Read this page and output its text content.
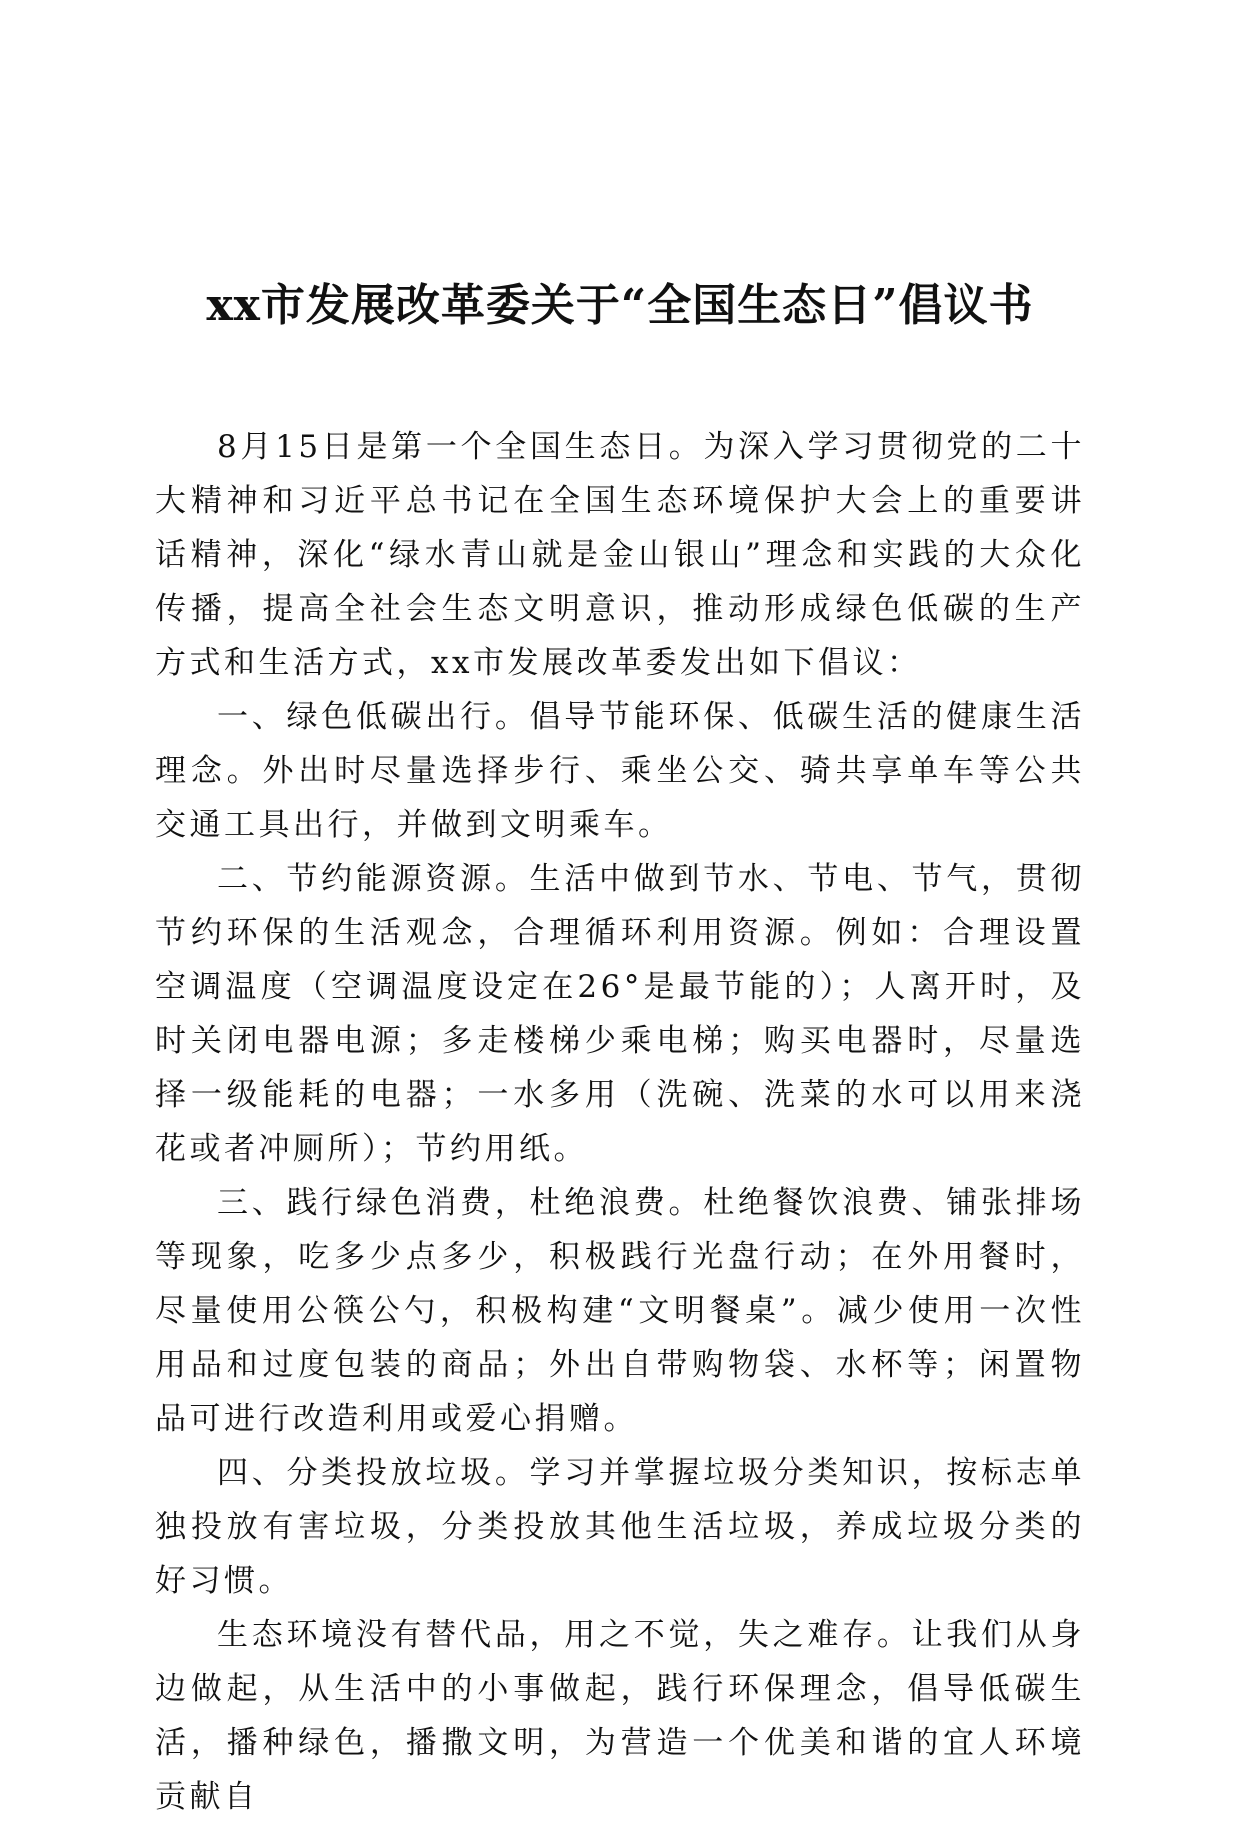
xx市发展改革委关于“全国生态日”倡议书

8月15日是第一个全国生态日。为深入学习贯彻党的二十大精神和习近平总书记在全国生态环境保护大会上的重要讲话精神，深化“绿水青山就是金山银山”理念和实践的大众化传播，提高全社会生态文明意识，推动形成绿色低碳的生产方式和生活方式，xx市发展改革委发出如下倡议：

一、绿色低碳出行。倡导节能环保、低碳生活的健康生活理念。外出时尽量选择步行、乘坐公交、骑共享单车等公共交通工具出行，并做到文明乘车。

二、节约能源资源。生活中做到节水、节电、节气，贯彻节约环保的生活观念，合理循环利用资源。例如：合理设置空调温度（空调温度设定在26°是最节能的）；人离开时，及时关闭电器电源；多走楼梯少乘电梯；购买电器时，尽量选择一级能耗的电器；一水多用（洗碗、洗菜的水可以用来浇花或者冲厕所）；节约用纸。

三、践行绿色消费，杜绝浪费。杜绝餐饮浪费、铺张排场等现象，吃多少点多少，积极践行光盘行动；在外用餐时，尽量使用公筷公勺，积极构建“文明餐桌”。减少使用一次性用品和过度包装的商品；外出自带购物袋、水杯等；闲置物品可进行改造利用或爱心捐赠。

四、分类投放垃圾。学习并掌握垃圾分类知识，按标志单独投放有害垃圾，分类投放其他生活垃圾，养成垃圾分类的好习惯。

生态环境没有替代品，用之不觉，失之难存。让我们从身边做起，从生活中的小事做起，践行环保理念，倡导低碳生活，播种绿色，播撒文明，为营造一个优美和谐的宜人环境贡献自
